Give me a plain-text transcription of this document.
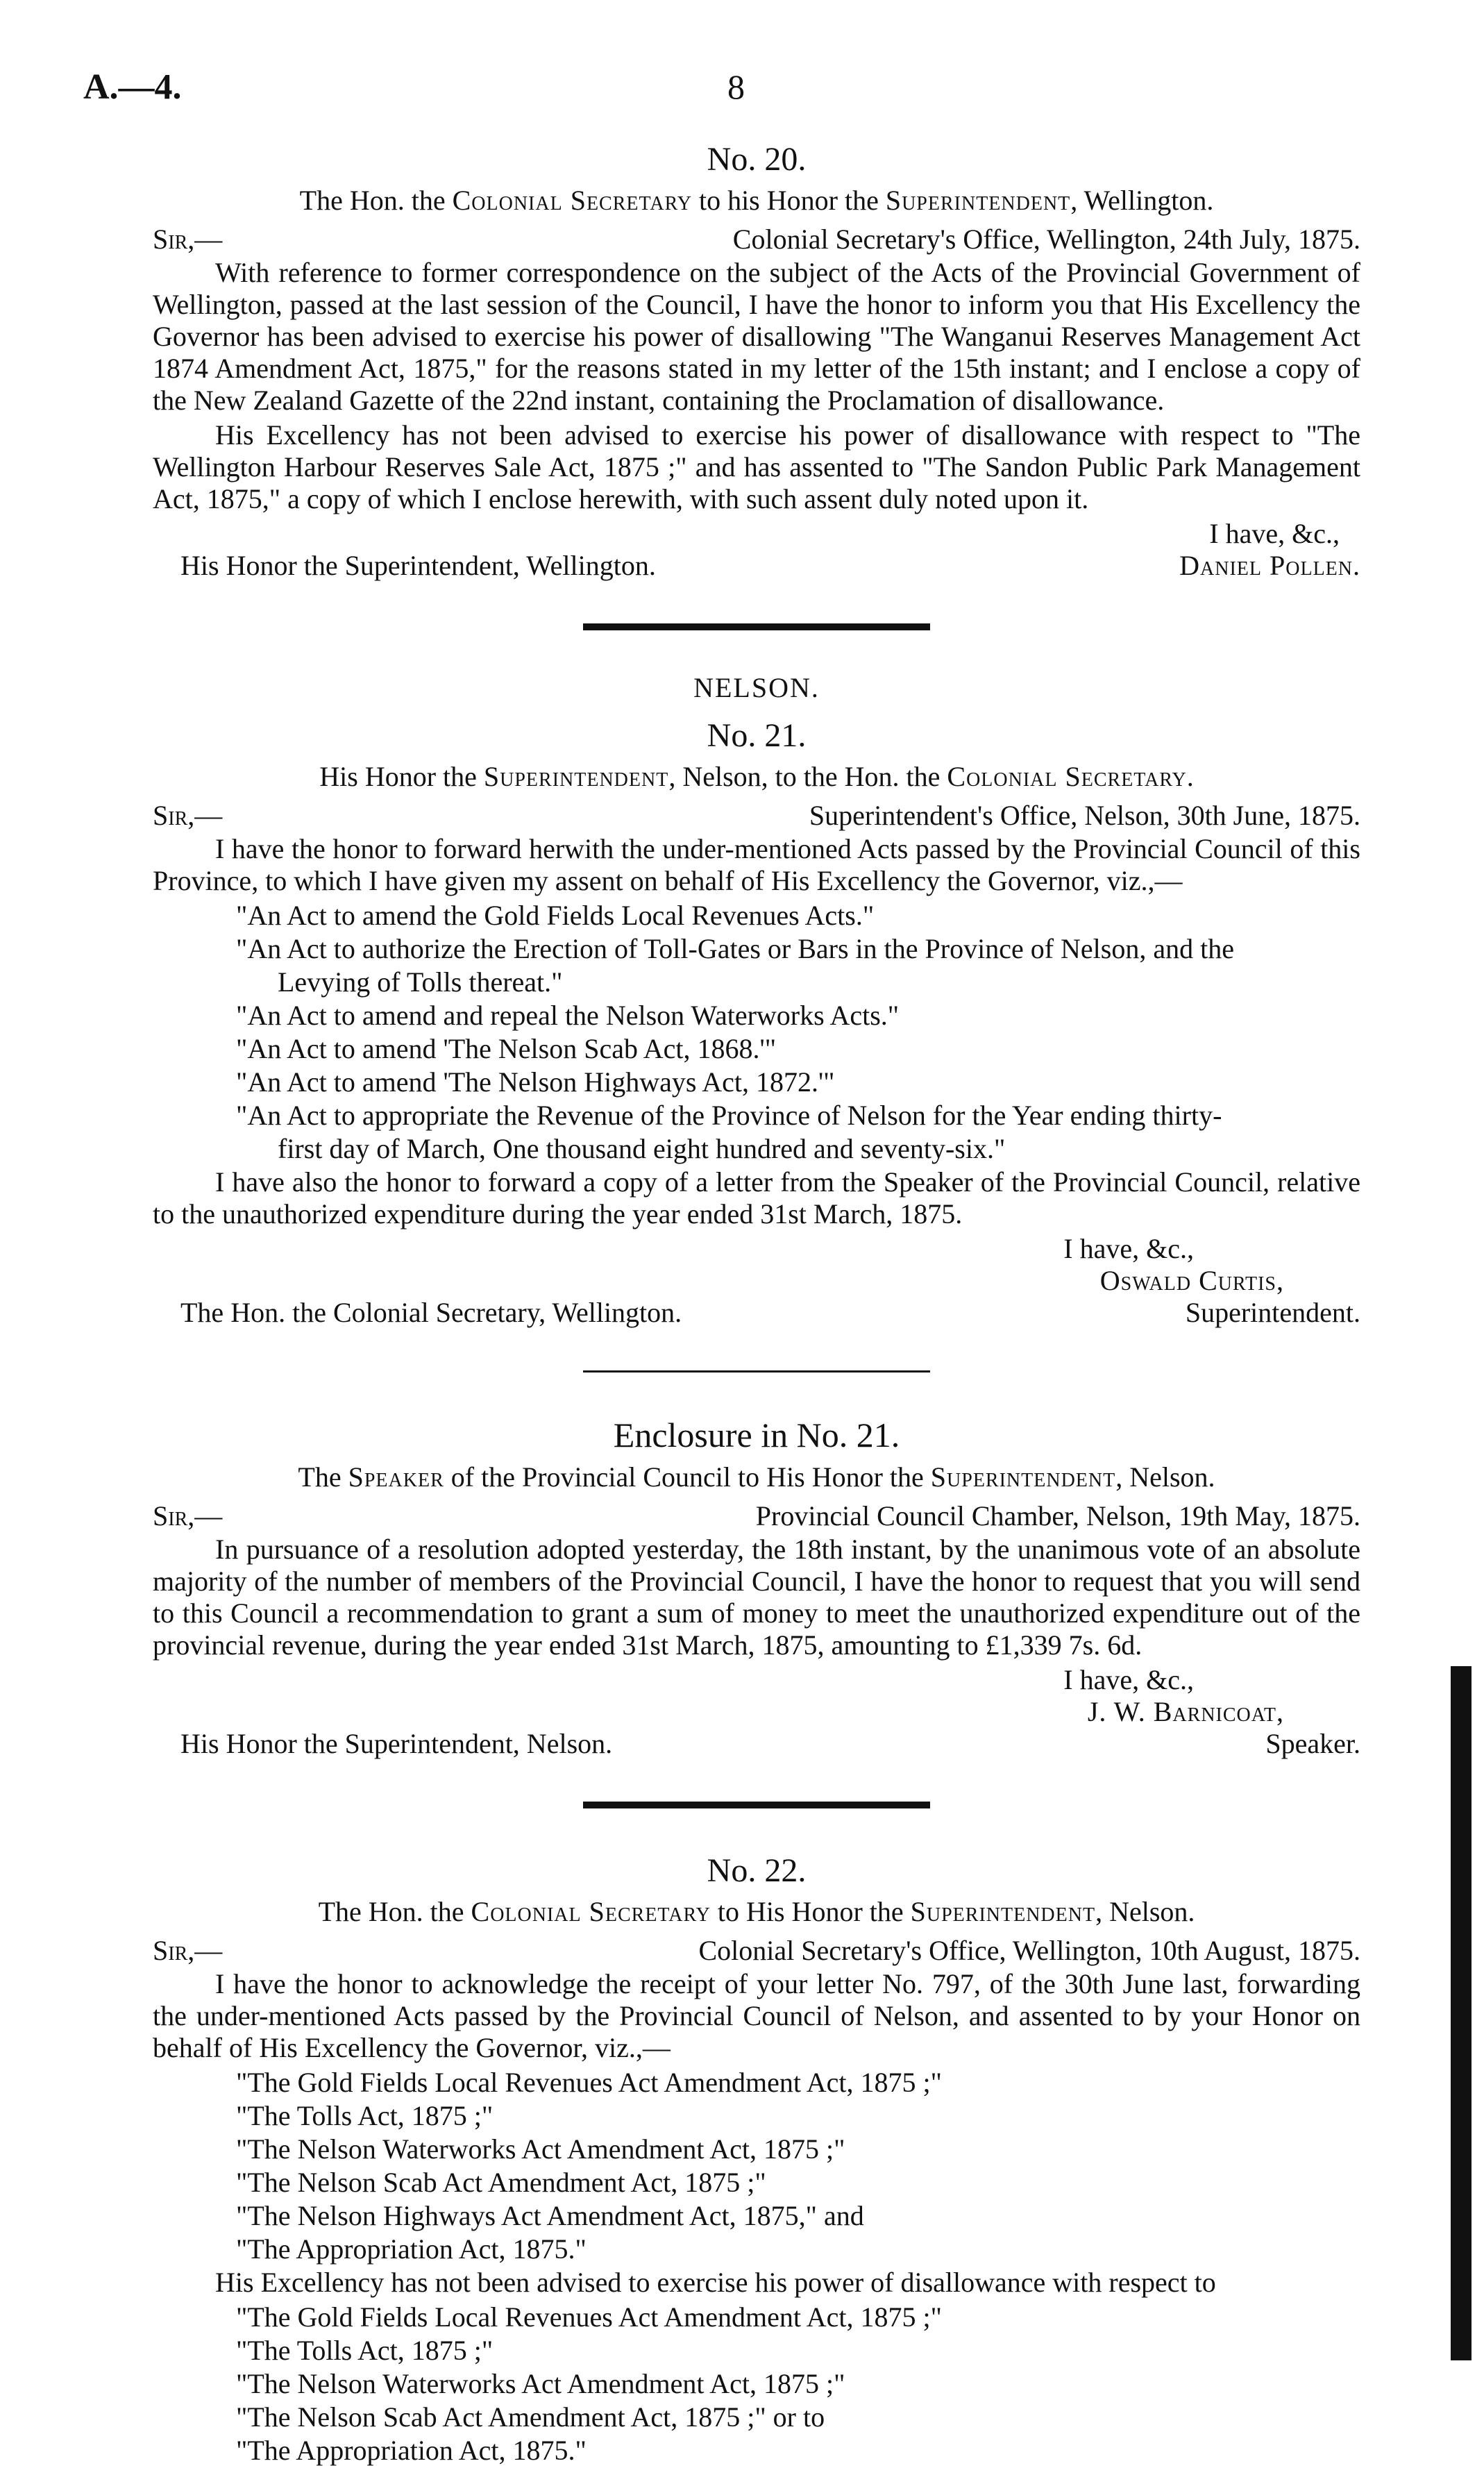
A.—4.	8
No. 20.
The Hon. the Colonial Secretary to his Honor the Superintendent, Wellington.
Sir,—	Colonial Secretary's Office, Wellington, 24th July, 1875.

With reference to former correspondence on the subject of the Acts of the Provincial Government of Wellington, passed at the last session of the Council, I have the honor to inform you that His Excellency the Governor has been advised to exercise his power of disallowing "The Wanganui Reserves Management Act 1874 Amendment Act, 1875," for the reasons stated in my letter of the 15th instant; and I enclose a copy of the New Zealand Gazette of the 22nd instant, containing the Proclamation of disallowance.

His Excellency has not been advised to exercise his power of disallowance with respect to "The Wellington Harbour Reserves Sale Act, 1875 ;" and has assented to "The Sandon Public Park Management Act, 1875," a copy of which I enclose herewith, with such assent duly noted upon it.

I have, &c.,
His Honor the Superintendent, Wellington.	Daniel Pollen.
NELSON.
No. 21.
His Honor the Superintendent, Nelson, to the Hon. the Colonial Secretary.
Sir,—	Superintendent's Office, Nelson, 30th June, 1875.

I have the honor to forward herwith the under-mentioned Acts passed by the Provincial Council of this Province, to which I have given my assent on behalf of His Excellency the Governor, viz.,—

"An Act to amend the Gold Fields Local Revenues Acts."
"An Act to authorize the Erection of Toll-Gates or Bars in the Province of Nelson, and the
Levying of Tolls thereat."
"An Act to amend and repeal the Nelson Waterworks Acts."
"An Act to amend 'The Nelson Scab Act, 1868.'"
"An Act to amend 'The Nelson Highways Act, 1872.'"
"An Act to appropriate the Revenue of the Province of Nelson for the Year ending thirty-
first day of March, One thousand eight hundred and seventy-six."

I have also the honor to forward a copy of a letter from the Speaker of the Provincial Council, relative to the unauthorized expenditure during the year ended 31st March, 1875.

I have, &c.,
Oswald Curtis,
The Hon. the Colonial Secretary, Wellington.	Superintendent.
Enclosure in No. 21.
The Speaker of the Provincial Council to His Honor the Superintendent, Nelson.
Sir,—	Provincial Council Chamber, Nelson, 19th May, 1875.

In pursuance of a resolution adopted yesterday, the 18th instant, by the unanimous vote of an absolute majority of the number of members of the Provincial Council, I have the honor to request that you will send to this Council a recommendation to grant a sum of money to meet the unauthorized expenditure out of the provincial revenue, during the year ended 31st March, 1875, amounting to £1,339 7s. 6d.

I have, &c.,
J. W. Barnicoat,
His Honor the Superintendent, Nelson.	Speaker.
No. 22.
The Hon. the Colonial Secretary to His Honor the Superintendent, Nelson.
Sir,—	Colonial Secretary's Office, Wellington, 10th August, 1875.

I have the honor to acknowledge the receipt of your letter No. 797, of the 30th June last, forwarding the under-mentioned Acts passed by the Provincial Council of Nelson, and assented to by your Honor on behalf of His Excellency the Governor, viz.,—

"The Gold Fields Local Revenues Act Amendment Act, 1875 ;"
"The Tolls Act, 1875 ;"
"The Nelson Waterworks Act Amendment Act, 1875 ;"
"The Nelson Scab Act Amendment Act, 1875 ;"
"The Nelson Highways Act Amendment Act, 1875," and
"The Appropriation Act, 1875."

His Excellency has not been advised to exercise his power of disallowance with respect to

"The Gold Fields Local Revenues Act Amendment Act, 1875 ;"
"The Tolls Act, 1875 ;"
"The Nelson Waterworks Act Amendment Act, 1875 ;"
"The Nelson Scab Act Amendment Act, 1875 ;" or to
"The Appropriation Act, 1875."
